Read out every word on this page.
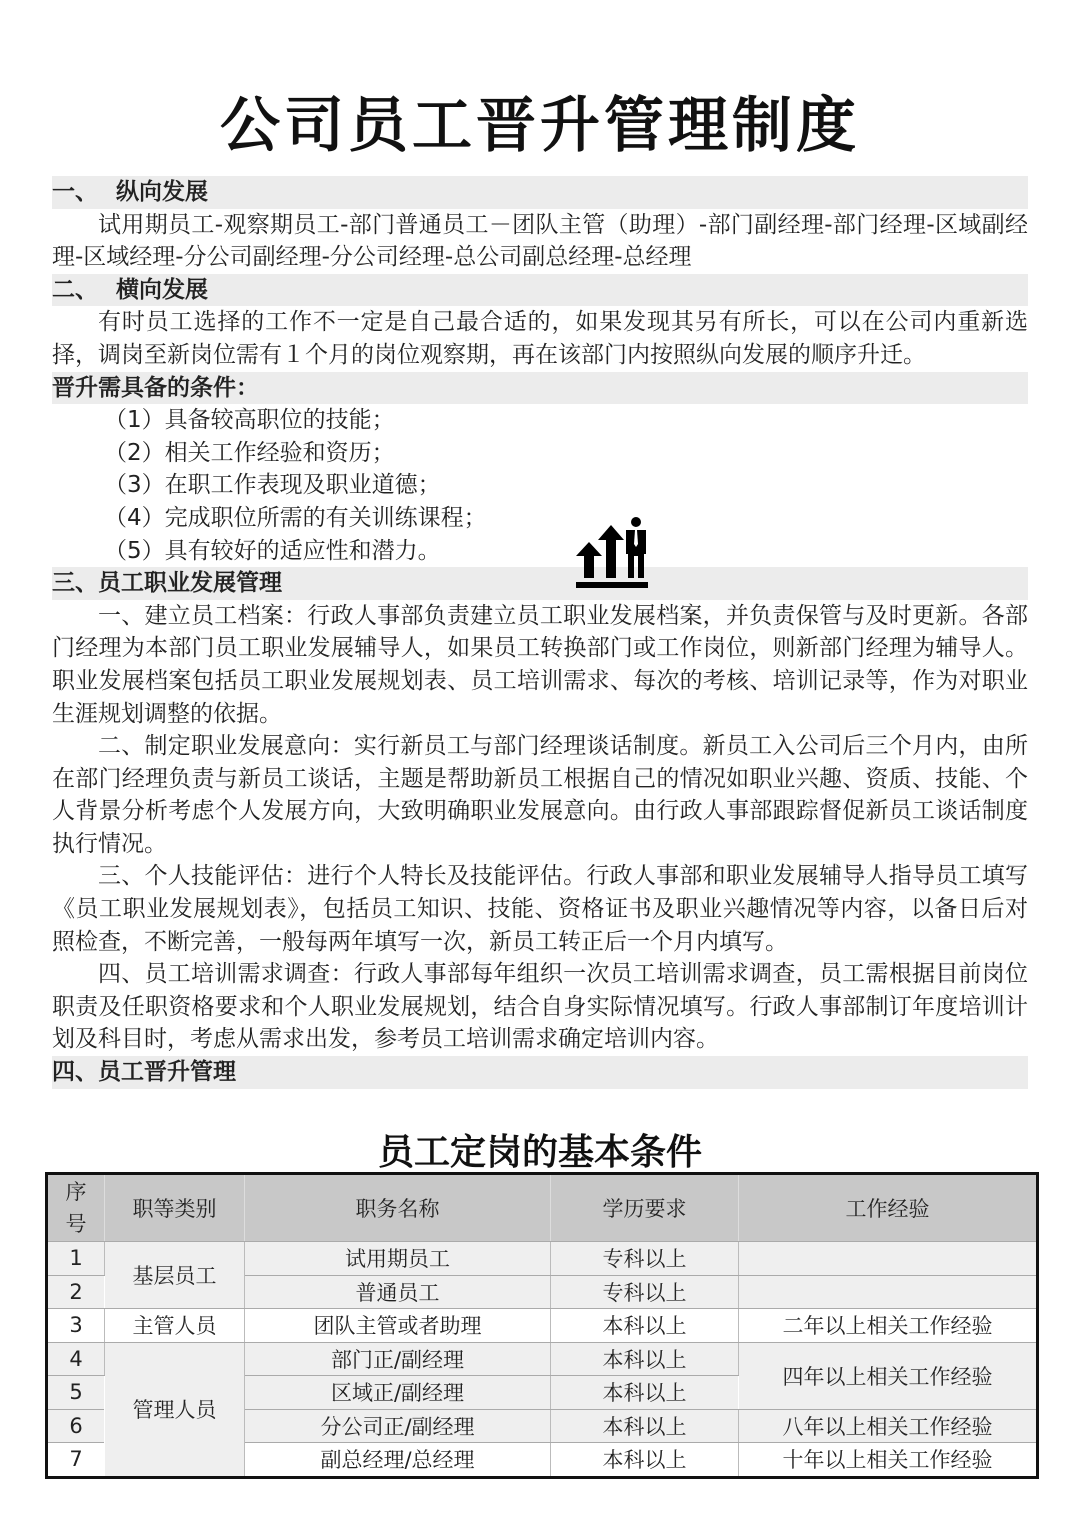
公司员工晋升管理制度
一、 纵向发展

试用期员工-观察期员工-部门普通员工－团队主管（助理）-部门副经理-部门经理-区域副经理-区域经理-分公司副经理-分公司经理-总公司副总经理-总经理

二、 横向发展

有时员工选择的工作不一定是自己最合适的，如果发现其另有所长，可以在公司内重新选择，调岗至新岗位需有１个月的岗位观察期，再在该部门内按照纵向发展的顺序升迁。

晋升需具备的条件：
（1）具备较高职位的技能；
（2）相关工作经验和资历；
（3）在职工作表现及职业道德；
（4）完成职位所需的有关训练课程；
（5）具有较好的适应性和潜力。
三、员工职业发展管理

一、建立员工档案：行政人事部负责建立员工职业发展档案，并负责保管与及时更新。各部门经理为本部门员工职业发展辅导人，如果员工转换部门或工作岗位，则新部门经理为辅导人。职业发展档案包括员工职业发展规划表、员工培训需求、每次的考核、培训记录等，作为对职业生涯规划调整的依据。

二、制定职业发展意向：实行新员工与部门经理谈话制度。新员工入公司后三个月内，由所在部门经理负责与新员工谈话，主题是帮助新员工根据自己的情况如职业兴趣、资质、技能、个人背景分析考虑个人发展方向，大致明确职业发展意向。由行政人事部跟踪督促新员工谈话制度执行情况。

三、个人技能评估：进行个人特长及技能评估。行政人事部和职业发展辅导人指导员工填写《员工职业发展规划表》，包括员工知识、技能、资格证书及职业兴趣情况等内容，以备日后对照检查，不断完善，一般每两年填写一次，新员工转正后一个月内填写。

四、员工培训需求调查：行政人事部每年组织一次员工培训需求调查，员工需根据目前岗位职责及任职资格要求和个人职业发展规划，结合自身实际情况填写。行政人事部制订年度培训计划及科目时，考虑从需求出发，参考员工培训需求确定培训内容。

四、员工晋升管理
员工定岗的基本条件
序号	职等类别	职务名称	学历要求	工作经验
1	基层员工	试用期员工	专科以上	
2		普通员工	专科以上	
3	主管人员	团队主管或者助理	本科以上	二年以上相关工作经验
4	管理人员	部门正/副经理	本科以上	四年以上相关工作经验
5		区域正/副经理	本科以上	
6		分公司正/副经理	本科以上	八年以上相关工作经验
7		副总经理/总经理	本科以上	十年以上相关工作经验
